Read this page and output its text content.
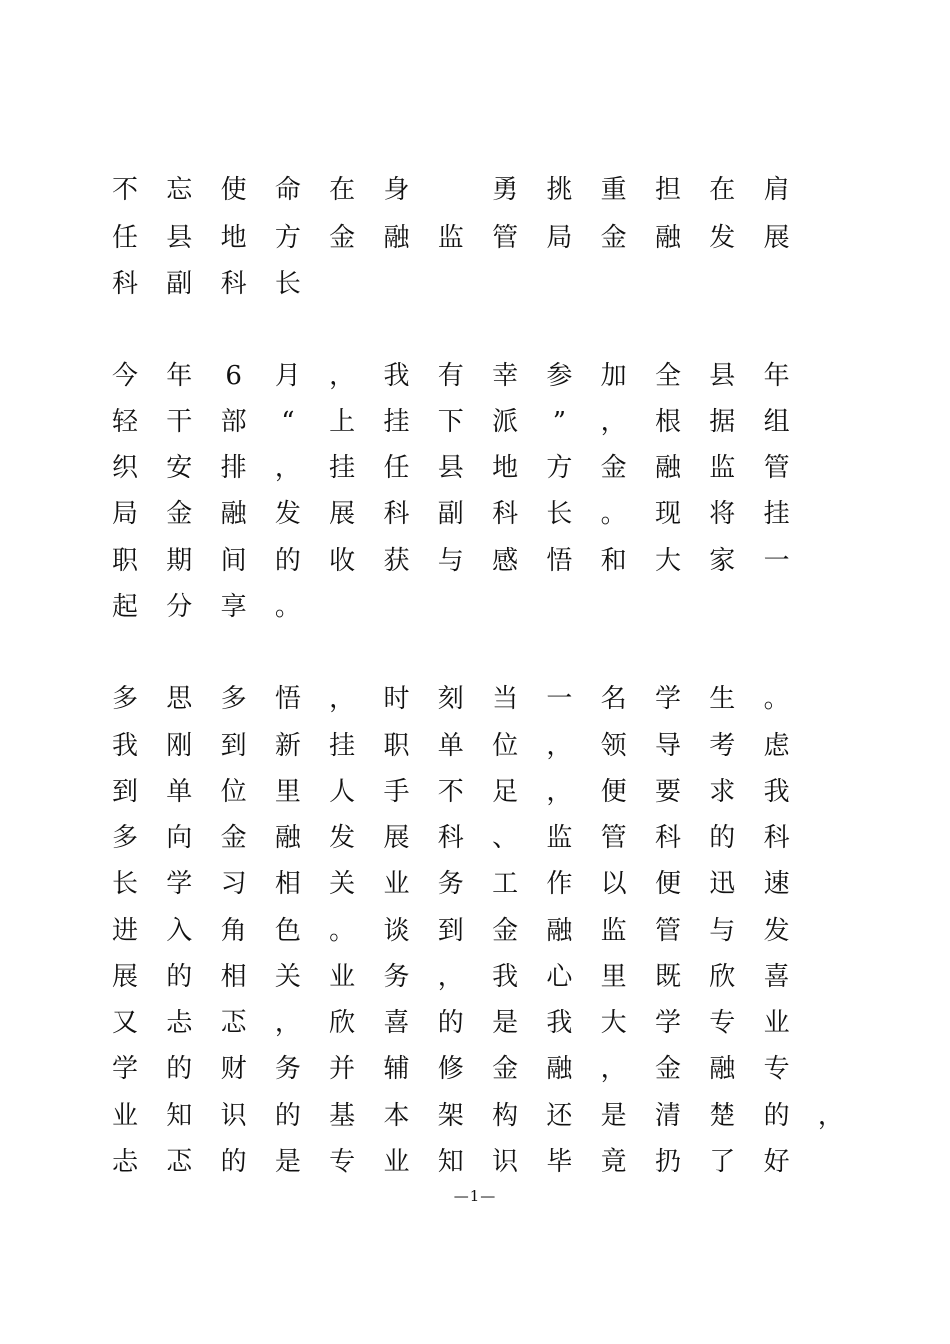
不 忘 使 命 在 身	勇 挑 重 担 在 肩
任 县 地 方 金 融 监 管 局 金 融 发 展
科 副 科 长
今 年 6 月 ， 我 有 幸 参 加 全 县 年
轻 干 部	“	上 挂 下 派	”	， 根 据 组
织 安 排 ， 挂 任 县 地 方 金 融 监 管
局 金 融 发 展 科 副 科 长 。 现 将 挂
职 期 间 的 收 获 与 感 悟 和 大 家 一
起 分 享 。
多 思 多 悟 ， 时 刻 当 一 名 学 生 。
我 刚 到 新 挂 职 单 位 ， 领 导 考 虑
到 单 位 里 人 手 不 足 ， 便 要 求 我
多 向 金 融 发 展 科 、 监 管 科 的 科
长 学 习 相 关 业 务 工 作 以 便 迅 速
进 入 角 色 。 谈 到 金 融 监 管 与 发
展 的 相 关 业 务 ， 我 心 里 既 欣 喜
又 忐 忑 ， 欣 喜 的 是 我 大 学 专 业
学 的 财 务 并 辅 修 金 融 ， 金 融 专
业 知 识 的 基 本 架 构 还 是 清 楚 的 ，
忐 忑 的 是 专 业 知 识 毕 竟 扔 了 好
—1—
